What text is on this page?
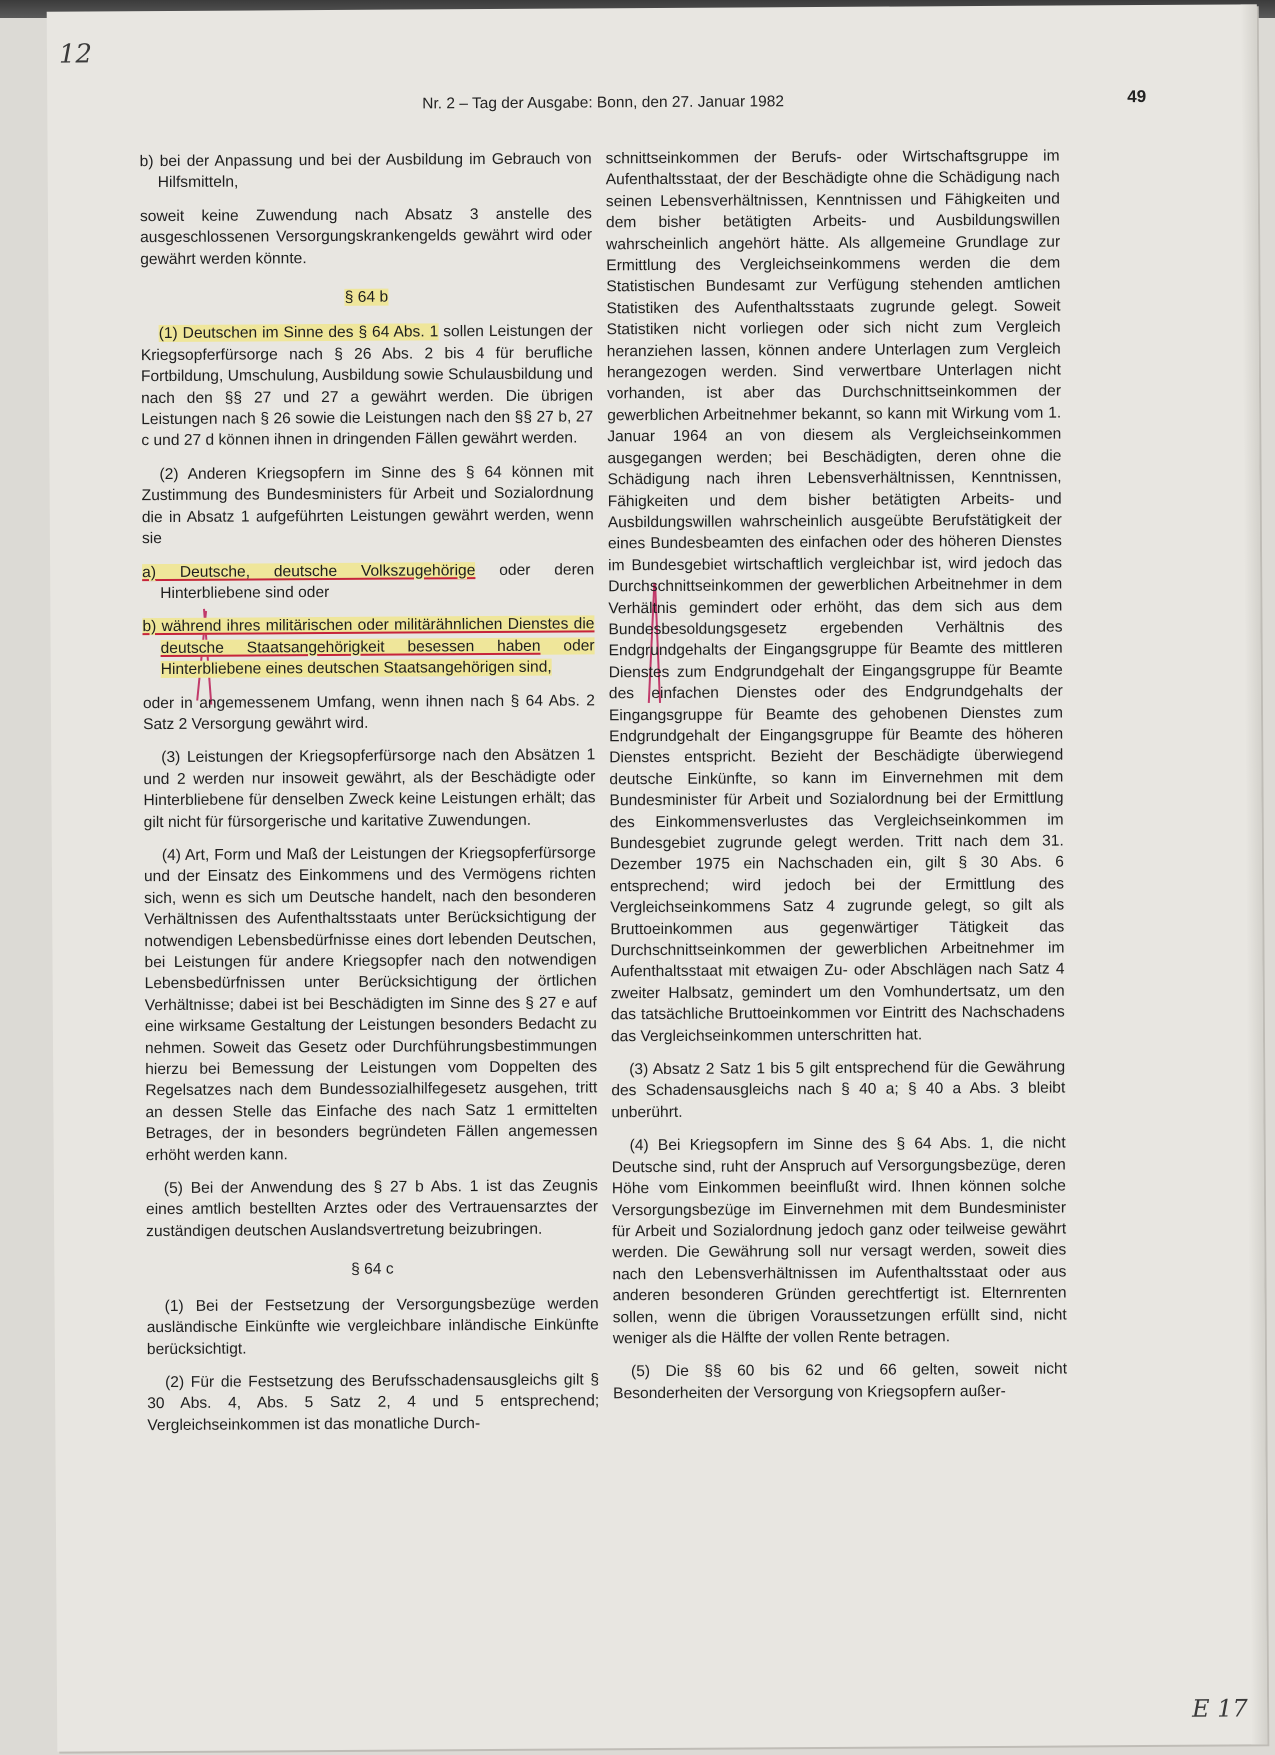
12
E 17
Nr. 2 – Tag der Ausgabe: Bonn, den 27. Januar 1982	49

b) bei der Anpassung und bei der Ausbildung im Gebrauch von Hilfsmitteln,

soweit keine Zuwendung nach Absatz 3 anstelle des ausgeschlossenen Versorgungskrankengelds gewährt wird oder gewährt werden könnte.

§ 64 b

(1) Deutschen im Sinne des § 64 Abs. 1 sollen Leistungen der Kriegsopferfürsorge nach § 26 Abs. 2 bis 4 für berufliche Fortbildung, Umschulung, Ausbildung sowie Schulausbildung und nach den §§ 27 und 27 a gewährt werden. Die übrigen Leistungen nach § 26 sowie die Leistungen nach den §§ 27 b, 27 c und 27 d können ihnen in dringenden Fällen gewährt werden.

(2) Anderen Kriegsopfern im Sinne des § 64 können mit Zustimmung des Bundesministers für Arbeit und Sozialordnung die in Absatz 1 aufgeführten Leistungen gewährt werden, wenn sie

a) Deutsche, deutsche Volkszugehörige oder deren Hinterbliebene sind oder

b) während ihres militärischen oder militärähnlichen Dienstes die deutsche Staatsangehörigkeit besessen haben oder Hinterbliebene eines deutschen Staatsangehörigen sind,

oder in angemessenem Umfang, wenn ihnen nach § 64 Abs. 2 Satz 2 Versorgung gewährt wird.

(3) Leistungen der Kriegsopferfürsorge nach den Absätzen 1 und 2 werden nur insoweit gewährt, als der Beschädigte oder Hinterbliebene für denselben Zweck keine Leistungen erhält; das gilt nicht für fürsorgerische und karitative Zuwendungen.

(4) Art, Form und Maß der Leistungen der Kriegsopferfürsorge und der Einsatz des Einkommens und des Vermögens richten sich, wenn es sich um Deutsche handelt, nach den besonderen Verhältnissen des Aufenthaltsstaats unter Berücksichtigung der notwendigen Lebensbedürfnisse eines dort lebenden Deutschen, bei Leistungen für andere Kriegsopfer nach den notwendigen Lebensbedürfnissen unter Berücksichtigung der örtlichen Verhältnisse; dabei ist bei Beschädigten im Sinne des § 27 e auf eine wirksame Gestaltung der Leistungen besonders Bedacht zu nehmen. Soweit das Gesetz oder Durchführungsbestimmungen hierzu bei Bemessung der Leistungen vom Doppelten des Regelsatzes nach dem Bundessozialhilfegesetz ausgehen, tritt an dessen Stelle das Einfache des nach Satz 1 ermittelten Betrages, der in besonders begründeten Fällen angemessen erhöht werden kann.

(5) Bei der Anwendung des § 27 b Abs. 1 ist das Zeugnis eines amtlich bestellten Arztes oder des Vertrauensarztes der zuständigen deutschen Auslandsvertretung beizubringen.

§ 64 c

(1) Bei der Festsetzung der Versorgungsbezüge werden ausländische Einkünfte wie vergleichbare inländische Einkünfte berücksichtigt.

(2) Für die Festsetzung des Berufsschadensausgleichs gilt § 30 Abs. 4, Abs. 5 Satz 2, 4 und 5 entsprechend; Vergleichseinkommen ist das monatliche Durch-

schnittseinkommen der Berufs- oder Wirtschaftsgruppe im Aufenthaltsstaat, der der Beschädigte ohne die Schädigung nach seinen Lebensverhältnissen, Kenntnissen und Fähigkeiten und dem bisher betätigten Arbeits- und Ausbildungswillen wahrscheinlich angehört hätte. Als allgemeine Grundlage zur Ermittlung des Vergleichseinkommens werden die dem Statistischen Bundesamt zur Verfügung stehenden amtlichen Statistiken des Aufenthaltsstaats zugrunde gelegt. Soweit Statistiken nicht vorliegen oder sich nicht zum Vergleich heranziehen lassen, können andere Unterlagen zum Vergleich herangezogen werden. Sind verwertbare Unterlagen nicht vorhanden, ist aber das Durchschnittseinkommen der gewerblichen Arbeitnehmer bekannt, so kann mit Wirkung vom 1. Januar 1964 an von diesem als Vergleichseinkommen ausgegangen werden; bei Beschädigten, deren ohne die Schädigung nach ihren Lebensverhältnissen, Kenntnissen, Fähigkeiten und dem bisher betätigten Arbeits- und Ausbildungswillen wahrscheinlich ausgeübte Berufstätigkeit der eines Bundesbeamten des einfachen oder des höheren Dienstes im Bundesgebiet wirtschaftlich vergleichbar ist, wird jedoch das Durchschnittseinkommen der gewerblichen Arbeitnehmer in dem Verhältnis gemindert oder erhöht, das dem sich aus dem Bundesbesoldungsgesetz ergebenden Verhältnis des Endgrundgehalts der Eingangsgruppe für Beamte des mittleren Dienstes zum Endgrundgehalt der Eingangsgruppe für Beamte des einfachen Dienstes oder des Endgrundgehalts der Eingangsgruppe für Beamte des gehobenen Dienstes zum Endgrundgehalt der Eingangsgruppe für Beamte des höheren Dienstes entspricht. Bezieht der Beschädigte überwiegend deutsche Einkünfte, so kann im Einvernehmen mit dem Bundesminister für Arbeit und Sozialordnung bei der Ermittlung des Einkommensverlustes das Vergleichseinkommen im Bundesgebiet zugrunde gelegt werden. Tritt nach dem 31. Dezember 1975 ein Nachschaden ein, gilt § 30 Abs. 6 entsprechend; wird jedoch bei der Ermittlung des Vergleichseinkommens Satz 4 zugrunde gelegt, so gilt als Bruttoeinkommen aus gegenwärtiger Tätigkeit das Durchschnittseinkommen der gewerblichen Arbeitnehmer im Aufenthaltsstaat mit etwaigen Zu- oder Abschlägen nach Satz 4 zweiter Halbsatz, gemindert um den Vomhundertsatz, um den das tatsächliche Bruttoeinkommen vor Eintritt des Nachschadens das Vergleichseinkommen unterschritten hat.

(3) Absatz 2 Satz 1 bis 5 gilt entsprechend für die Gewährung des Schadensausgleichs nach § 40 a; § 40 a Abs. 3 bleibt unberührt.

(4) Bei Kriegsopfern im Sinne des § 64 Abs. 1, die nicht Deutsche sind, ruht der Anspruch auf Versorgungsbezüge, deren Höhe vom Einkommen beeinflußt wird. Ihnen können solche Versorgungsbezüge im Einvernehmen mit dem Bundesminister für Arbeit und Sozialordnung jedoch ganz oder teilweise gewährt werden. Die Gewährung soll nur versagt werden, soweit dies nach den Lebensverhältnissen im Aufenthaltsstaat oder aus anderen besonderen Gründen gerechtfertigt ist. Elternrenten sollen, wenn die übrigen Voraussetzungen erfüllt sind, nicht weniger als die Hälfte der vollen Rente betragen.

(5) Die §§ 60 bis 62 und 66 gelten, soweit nicht Besonderheiten der Versorgung von Kriegsopfern außer-
